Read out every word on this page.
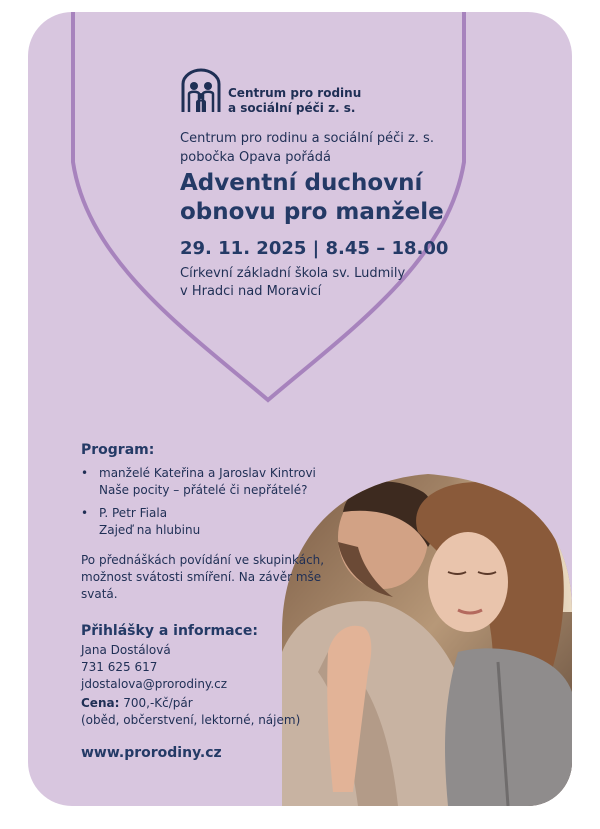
Centrum pro rodinu
a sociální péči z. s.
Centrum pro rodinu a sociální péči z. s.
pobočka Opava pořádá
Adventní duchovní
obnovu pro manžele
29. 11. 2025 | 8.45 – 18.00
Církevní základní škola sv. Ludmily
v Hradci nad Moravicí
Program:
• manželé Kateřina a Jaroslav Kintrovi
Naše pocity – přátelé či nepřátelé?
• P. Petr Fiala
Zajeď na hlubinu
Po přednáškách povídání ve skupinkách, možnost svátosti smíření. Na závěr mše svatá.
Přihlášky a informace:
Jana Dostálová
731 625 617
jdostalova@prorodiny.cz
Cena: 700,-Kč/pár
(oběd, občerstvení, lektorné, nájem)
www.prorodiny.cz
